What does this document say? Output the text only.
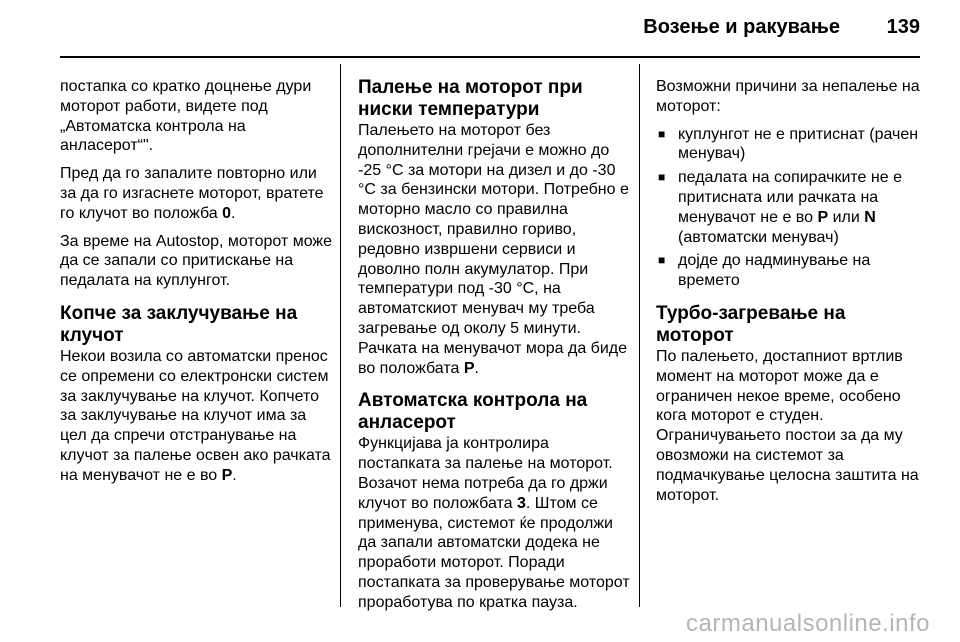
Возење и ракување 139

постапка со кратко доцнење дури моторот работи, видете под „Автоматска контрола на анласерот“".

Пред да го запалите повторно или за да го изгаснете моторот, вратете го клучот во положба 0.

За време на Autostop, моторот може да се запали со притискање на педалата на куплунгот.

Копче за заклучување на клучот

Некои возила со автоматски пренос се опремени со електронски систем за заклучување на клучот. Копчето за заклучување на клучот има за цел да спречи отстранување на клучот за палење освен ако рачката на менувачот не е во P.

Палење на моторот при ниски температури

Палењето на моторот без дополнителни грејачи е можно до -25 °C за мотори на дизел и до -30 °C за бензински мотори. Потребно е моторно масло со правилна вискозност, правилно гориво, редовно извршени сервиси и доволно полн акумулатор. При температури под -30 °C, на автоматскиот менувач му треба загревање од околу 5 минути. Рачката на менувачот мора да биде во положбата P.

Автоматска контрола на анласерот

Функцијава ја контролира постапката за палење на моторот. Возачот нема потреба да го држи клучот во положбата 3. Штом се применува, системот ќе продолжи да запали автоматски додека не проработи моторот. Поради постапката за проверување моторот проработува по кратка пауза.

Возможни причини за непалење на моторот:

■ куплунгот не е притиснат (рачен менувач)
■ педалата на сопирачките не е притисната или рачката на менувачот не е во P или N (автоматски менувач)
■ дојде до надминување на времето
Турбо-загревање на моторот

По палењето, достапниот вртлив момент на моторот може да е ограничен некое време, особено кога моторот е студен. Ограничувањето постои за да му овозможи на системот за подмачкување целосна заштита на моторот.

carmanualsonline.info
